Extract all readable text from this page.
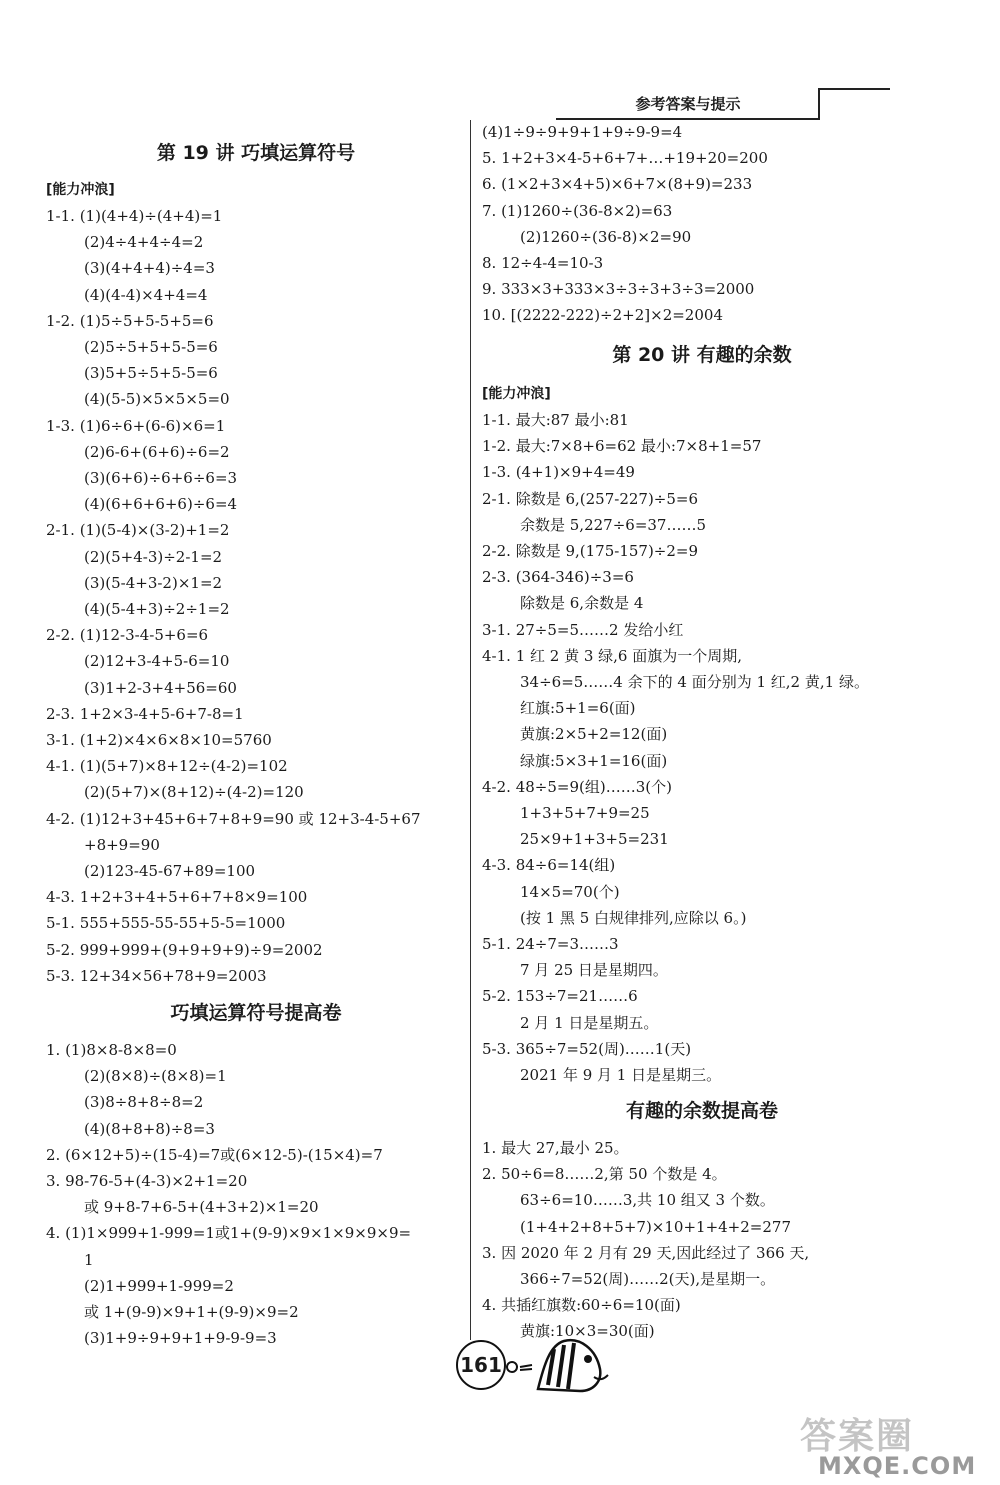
参考答案与提示
第 19 讲 巧填运算符号
[能力冲浪]
1-1. (1)(4+4)÷(4+4)=1
(2)4÷4+4÷4=2
(3)(4+4+4)÷4=3
(4)(4-4)×4+4=4
1-2. (1)5÷5+5-5+5=6
(2)5÷5+5+5-5=6
(3)5+5÷5+5-5=6
(4)(5-5)×5×5×5=0
1-3. (1)6÷6+(6-6)×6=1
(2)6-6+(6+6)÷6=2
(3)(6+6)÷6+6÷6=3
(4)(6+6+6+6)÷6=4
2-1. (1)(5-4)×(3-2)+1=2
(2)(5+4-3)÷2-1=2
(3)(5-4+3-2)×1=2
(4)(5-4+3)÷2÷1=2
2-2. (1)12-3-4-5+6=6
(2)12+3-4+5-6=10
(3)1+2-3+4+56=60
2-3. 1+2×3-4+5-6+7-8=1
3-1. (1+2)×4×6×8×10=5760
4-1. (1)(5+7)×8+12÷(4-2)=102
(2)(5+7)×(8+12)÷(4-2)=120
4-2. (1)12+3+45+6+7+8+9=90 或 12+3-4-5+67
+8+9=90
(2)123-45-67+89=100
4-3. 1+2+3+4+5+6+7+8×9=100
5-1. 555+555-55-55+5-5=1000
5-2. 999+999+(9+9+9+9)÷9=2002
5-3. 12+34×56+78+9=2003
巧填运算符号提高卷
1. (1)8×8-8×8=0
(2)(8×8)÷(8×8)=1
(3)8÷8+8÷8=2
(4)(8+8+8)÷8=3
2. (6×12+5)÷(15-4)=7或(6×12-5)-(15×4)=7
3. 98-76-5+(4-3)×2+1=20
或 9+8-7+6-5+(4+3+2)×1=20
4. (1)1×999+1-999=1或1+(9-9)×9×1×9×9×9=
1
(2)1+999+1-999=2
或 1+(9-9)×9+1+(9-9)×9=2
(3)1+9÷9+9+1+9-9-9=3
(4)1÷9÷9+9+1+9÷9-9=4
5. 1+2+3×4-5+6+7+…+19+20=200
6. (1×2+3×4+5)×6+7×(8+9)=233
7. (1)1260÷(36-8×2)=63
(2)1260÷(36-8)×2=90
8. 12÷4-4=10-3
9. 333×3+333×3÷3÷3+3÷3=2000
10. [(2222-222)÷2+2]×2=2004
第 20 讲 有趣的余数
[能力冲浪]
1-1. 最大:87 最小:81
1-2. 最大:7×8+6=62 最小:7×8+1=57
1-3. (4+1)×9+4=49
2-1. 除数是 6,(257-227)÷5=6
余数是 5,227÷6=37……5
2-2. 除数是 9,(175-157)÷2=9
2-3. (364-346)÷3=6
除数是 6,余数是 4
3-1. 27÷5=5……2 发给小红
4-1. 1 红 2 黄 3 绿,6 面旗为一个周期,
34÷6=5……4 余下的 4 面分别为 1 红,2 黄,1 绿。
红旗:5+1=6(面)
黄旗:2×5+2=12(面)
绿旗:5×3+1=16(面)
4-2. 48÷5=9(组)……3(个)
1+3+5+7+9=25
25×9+1+3+5=231
4-3. 84÷6=14(组)
14×5=70(个)
(按 1 黑 5 白规律排列,应除以 6。)
5-1. 24÷7=3……3
7 月 25 日是星期四。
5-2. 153÷7=21……6
2 月 1 日是星期五。
5-3. 365÷7=52(周)……1(天)
2021 年 9 月 1 日是星期三。
有趣的余数提高卷
1. 最大 27,最小 25。
2. 50÷6=8……2,第 50 个数是 4。
63÷6=10……3,共 10 组又 3 个数。
(1+4+2+8+5+7)×10+1+4+2=277
3. 因 2020 年 2 月有 29 天,因此经过了 366 天,
366÷7=52(周)……2(天),是星期一。
4. 共插红旗数:60÷6=10(面)
黄旗:10×3=30(面)
161
答案圈
MXQE.COM
